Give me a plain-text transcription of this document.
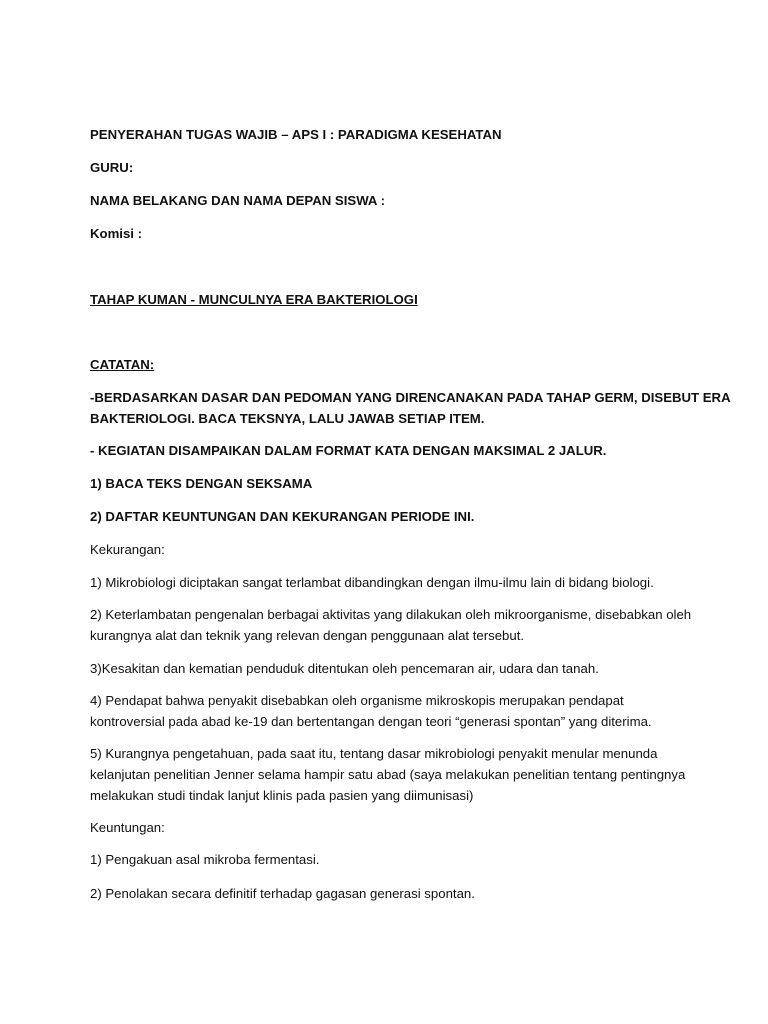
PENYERAHAN TUGAS WAJIB – APS I : PARADIGMA KESEHATAN
GURU:
NAMA BELAKANG DAN NAMA DEPAN SISWA :
Komisi :
TAHAP KUMAN - MUNCULNYA ERA BAKTERIOLOGI
CATATAN:
-BERDASARKAN DASAR DAN PEDOMAN YANG DIRENCANAKAN PADA TAHAP GERM, DISEBUT ERA
BAKTERIOLOGI. BACA TEKSNYA, LALU JAWAB SETIAP ITEM.
- KEGIATAN DISAMPAIKAN DALAM FORMAT KATA DENGAN MAKSIMAL 2 JALUR.
1) BACA TEKS DENGAN SEKSAMA
2) DAFTAR KEUNTUNGAN DAN KEKURANGAN PERIODE INI.
Kekurangan:
1) Mikrobiologi diciptakan sangat terlambat dibandingkan dengan ilmu-ilmu lain di bidang biologi.
2) Keterlambatan pengenalan berbagai aktivitas yang dilakukan oleh mikroorganisme, disebabkan oleh
kurangnya alat dan teknik yang relevan dengan penggunaan alat tersebut.
3)Kesakitan dan kematian penduduk ditentukan oleh pencemaran air, udara dan tanah.
4) Pendapat bahwa penyakit disebabkan oleh organisme mikroskopis merupakan pendapat
kontroversial pada abad ke-19 dan bertentangan dengan teori “generasi spontan” yang diterima.
5) Kurangnya pengetahuan, pada saat itu, tentang dasar mikrobiologi penyakit menular menunda
kelanjutan penelitian Jenner selama hampir satu abad (saya melakukan penelitian tentang pentingnya
melakukan studi tindak lanjut klinis pada pasien yang diimunisasi)
Keuntungan:
1) Pengakuan asal mikroba fermentasi.
2) Penolakan secara definitif terhadap gagasan generasi spontan.
